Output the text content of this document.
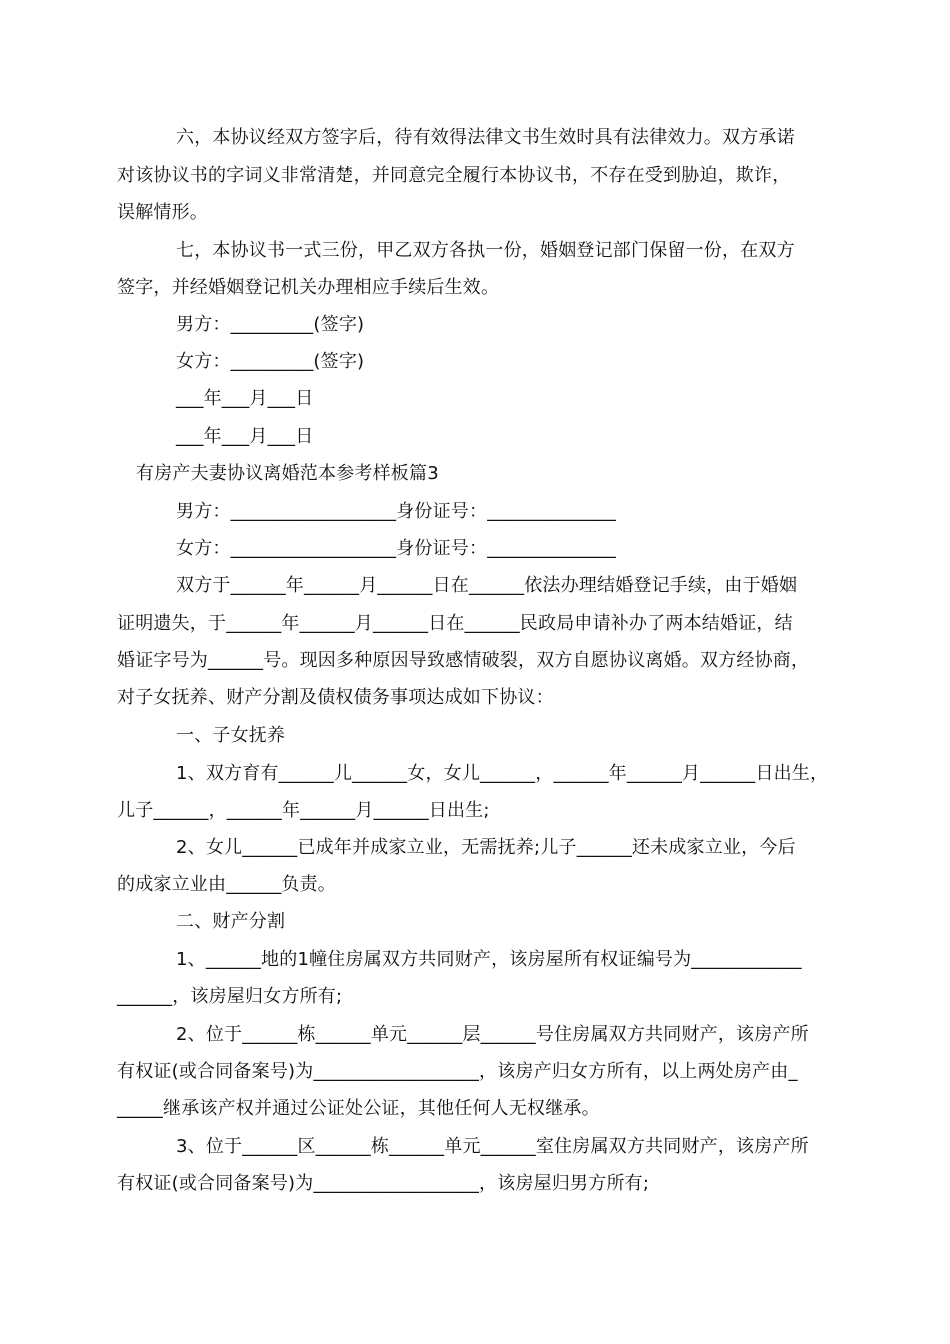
六，本协议经双方签字后，待有效得法律文书生效时具有法律效力。双方承诺
对该协议书的字词义非常清楚，并同意完全履行本协议书，不存在受到胁迫，欺诈，
误解情形。
七，本协议书一式三份，甲乙双方各执一份，婚姻登记部门保留一份，在双方
签字，并经婚姻登记机关办理相应手续后生效。
男方：_________(签字)
女方：_________(签字)
___年___月___日
___年___月___日
有房产夫妻协议离婚范本参考样板篇3
男方：__________________身份证号：______________
女方：__________________身份证号：______________
双方于______年______月______日在______依法办理结婚登记手续，由于婚姻
证明遗失，于______年______月______日在______民政局申请补办了两本结婚证，结
婚证字号为______号。现因多种原因导致感情破裂，双方自愿协议离婚。双方经协商，
对子女抚养、财产分割及债权债务事项达成如下协议：
一、子女抚养
1、双方育有______儿______女，女儿______，______年______月______日出生，
儿子______，______年______月______日出生;
2、女儿______已成年并成家立业，无需抚养;儿子______还未成家立业，今后
的成家立业由______负责。
二、财产分割
1、______地的1幢住房属双方共同财产，该房屋所有权证编号为____________
______，该房屋归女方所有;
2、位于______栋______单元______层______号住房属双方共同财产，该房产所
有权证(或合同备案号)为__________________，该房产归女方所有，以上两处房产由_
_____继承该产权并通过公证处公证，其他任何人无权继承。
3、位于______区______栋______单元______室住房属双方共同财产，该房产所
有权证(或合同备案号)为__________________，该房屋归男方所有;
